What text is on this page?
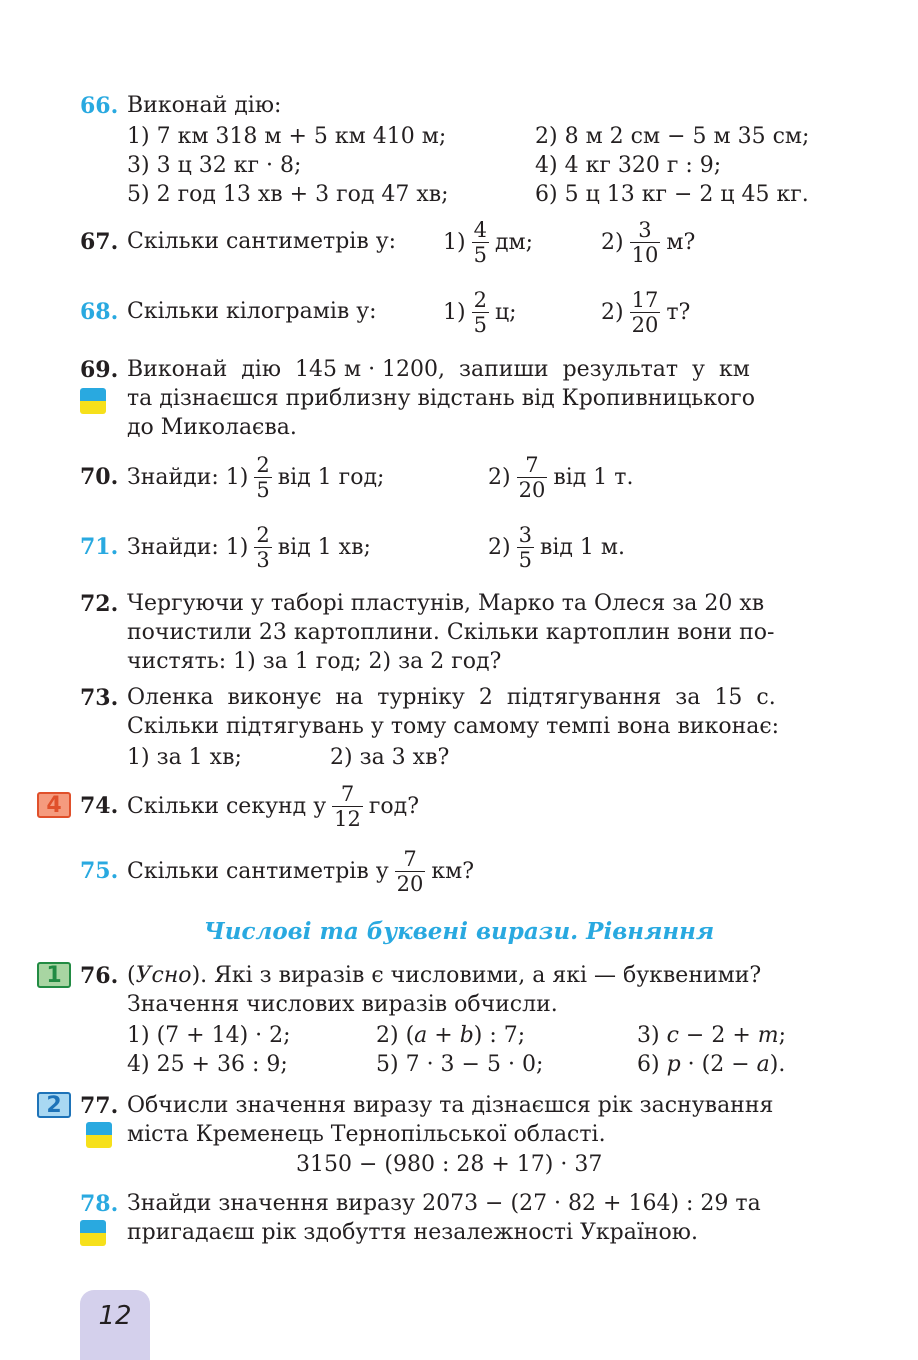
66. Виконай дію:
1) 7 км 318 м + 5 км 410 м;	2) 8 м 2 см − 5 м 35 см;
3) 3 ц 32 кг · 8;	4) 4 кг 320 г : 9;
5) 2 год 13 хв + 3 год 47 хв;	6) 5 ц 13 кг − 2 ц 45 кг.
67. Скільки сантиметрів у: $1) \frac{4}{5}$ дм;	$2) \frac{3}{10} м$?
68. Скільки кілограмів у:	$1) \frac{2}{5} ц$;	$2) \frac{17}{20} т$?
69. Виконай  дію  145 м · 1200,  запиши  результат  у  км
та дізнаєшся приблизну відстань від Кропивницького
до Миколаєва.
70. Знайди: $1) \frac{2}{5}$ від 1 год;	$2) \frac{7}{20}$ від 1 т.
71. Знайди: $1) \frac{2}{3}$ від 1 хв;	$2) \frac{3}{5}$ від 1 м.
72. Чергуючи у таборі пластунів, Марко та Олеся за 20 хв
почистили 23 картоплини. Скільки картоплин вони по-
чистять: 1) за 1 год; 2) за 2 год?
73. Оленка  виконує  на  турніку  2  підтягування  за  15  с.
Скільки підтягувань у тому самому темпі вона виконає:
1) за 1 хв;	2) за 3 хв?
4 74. Скільки секунд у $\frac{7}{12}$ год?
75. Скільки сантиметрів у $\frac{7}{20}$ км?
Числові та буквені вирази. Рівняння
1 76. (Усно). Які з виразів є числовими, а які — буквеними?
Значення числових виразів обчисли.
1) (7 + 14) · 2;	2) (a + b) : 7;	3) c − 2 + m;
4) 25 + 36 : 9;	5) 7 · 3 − 5 · 0;	6) p · (2 − a).
2 77. Обчисли значення виразу та дізнаєшся рік заснування
міста Кременець Тернопільської області.
3150 − (980 : 28 + 17) · 37
78. Знайди значення виразу 2073 − (27 · 82 + 164) : 29 та
пригадаєш рік здобуття незалежності Україною.
12
